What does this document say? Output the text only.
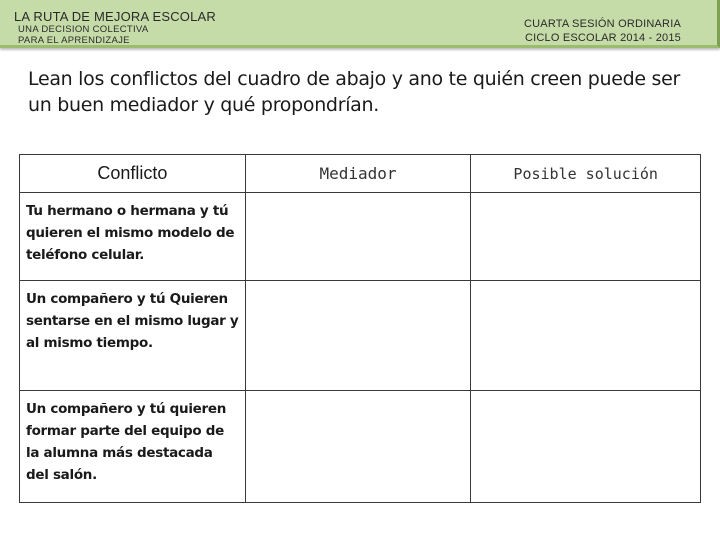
LA RUTA DE MEJORA ESCOLAR
UNA DECISION COLECTIVA
PARA EL APRENDIZAJE
CUARTA SESIÓN ORDINARIA
CICLO ESCOLAR 2014 - 2015
Lean los conflictos del cuadro de abajo y ano te quién creen puede ser un buen mediador y qué propondrían.
Conflicto	Mediador	Posible solución
Tu hermano o hermana y tú quieren el mismo modelo de teléfono celular.		
Un compañero y tú Quieren sentarse en el mismo lugar y al mismo tiempo.		
Un compañero y tú quieren formar parte del equipo de la alumna más destacada del salón.		
